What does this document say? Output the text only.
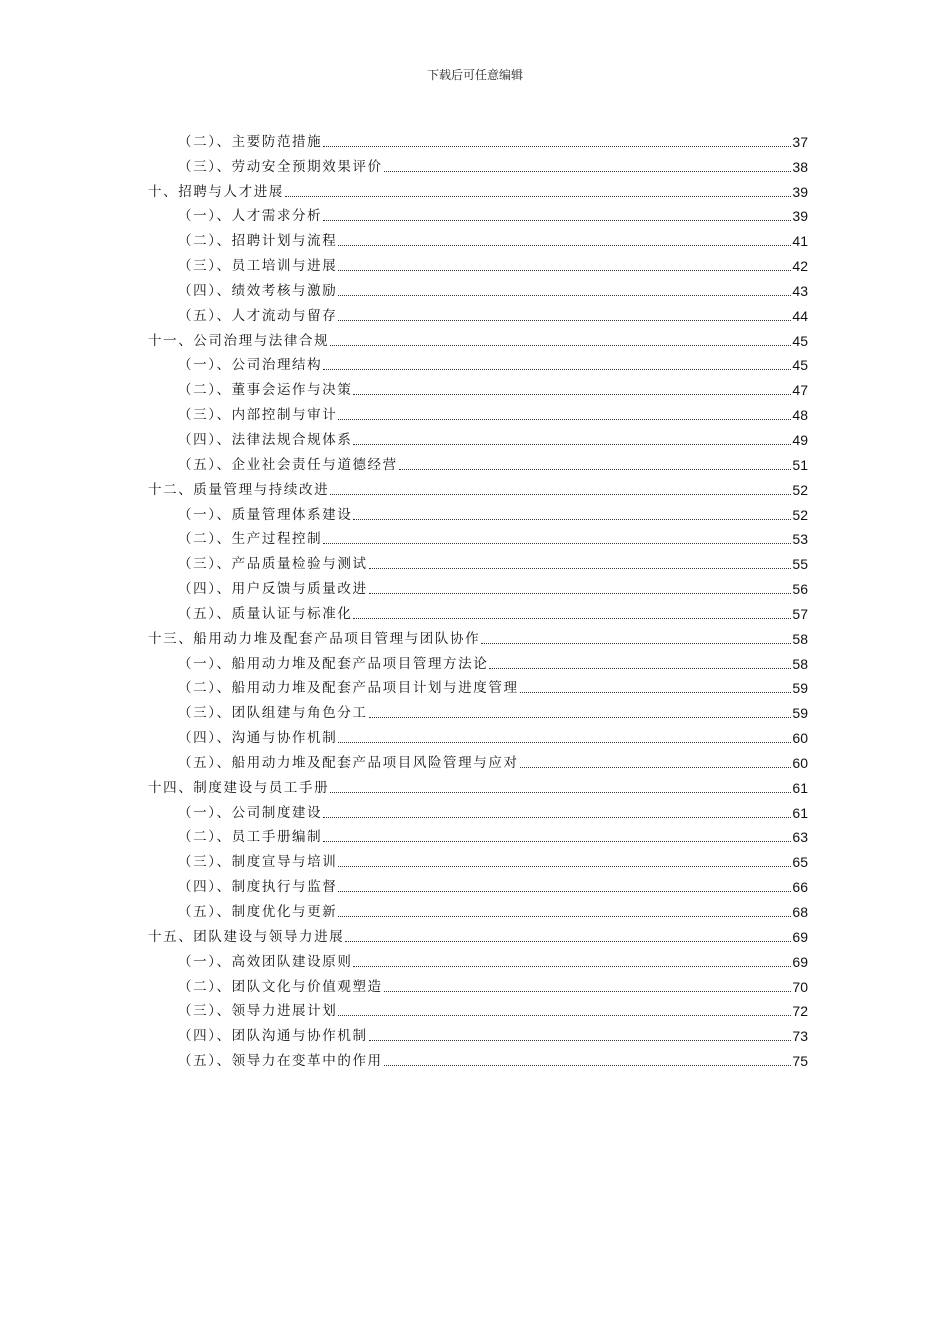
下载后可任意编辑
（二）、主要防范措施	37
（三）、劳动安全预期效果评价	38
十、招聘与人才进展	39
（一）、人才需求分析	39
（二）、招聘计划与流程	41
（三）、员工培训与进展	42
（四）、绩效考核与激励	43
（五）、人才流动与留存	44
十一、公司治理与法律合规	45
（一）、公司治理结构	45
（二）、董事会运作与决策	47
（三）、内部控制与审计	48
（四）、法律法规合规体系	49
（五）、企业社会责任与道德经营	51
十二、质量管理与持续改进	52
（一）、质量管理体系建设	52
（二）、生产过程控制	53
（三）、产品质量检验与测试	55
（四）、用户反馈与质量改进	56
（五）、质量认证与标准化	57
十三、船用动力堆及配套产品项目管理与团队协作	58
（一）、船用动力堆及配套产品项目管理方法论	58
（二）、船用动力堆及配套产品项目计划与进度管理	59
（三）、团队组建与角色分工	59
（四）、沟通与协作机制	60
（五）、船用动力堆及配套产品项目风险管理与应对	60
十四、制度建设与员工手册	61
（一）、公司制度建设	61
（二）、员工手册编制	63
（三）、制度宣导与培训	65
（四）、制度执行与监督	66
（五）、制度优化与更新	68
十五、团队建设与领导力进展	69
（一）、高效团队建设原则	69
（二）、团队文化与价值观塑造	70
（三）、领导力进展计划	72
（四）、团队沟通与协作机制	73
（五）、领导力在变革中的作用	75
